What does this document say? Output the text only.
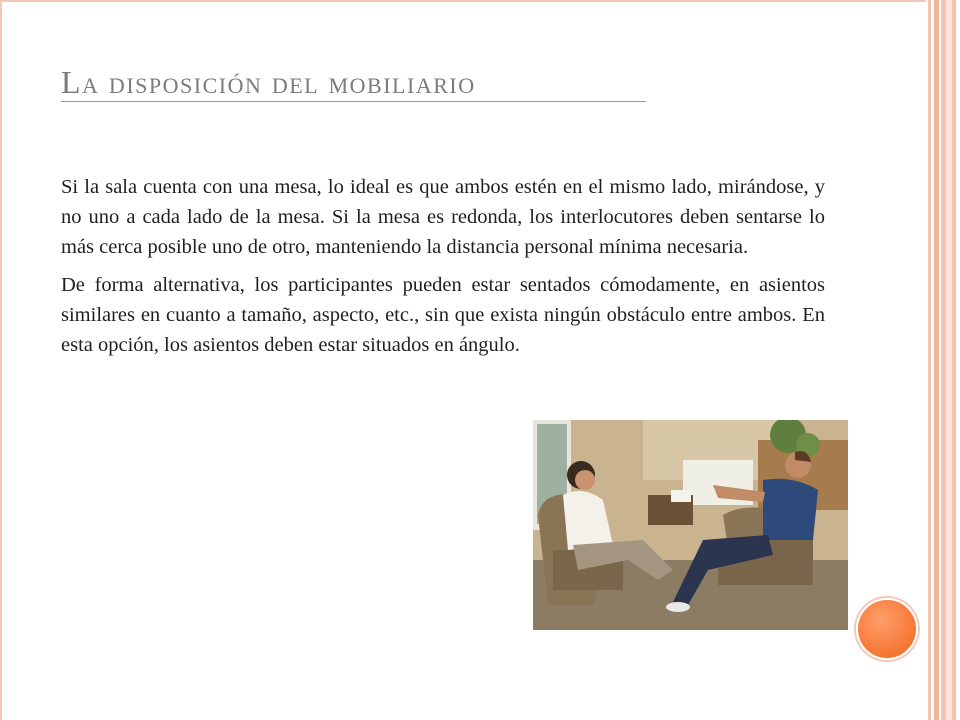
La disposición del mobiliario

Si la sala cuenta con una mesa, lo ideal es que ambos estén en el mismo lado, mirándose, y no uno a cada lado de la mesa. Si la mesa es redonda, los interlocutores deben sentarse lo más cerca posible uno de otro, manteniendo la distancia personal mínima necesaria.

De forma alternativa, los participantes pueden estar sentados cómodamente, en asientos similares en cuanto a tamaño, aspecto, etc., sin que exista ningún obstáculo entre ambos. En esta opción, los asientos deben estar situados en ángulo.
